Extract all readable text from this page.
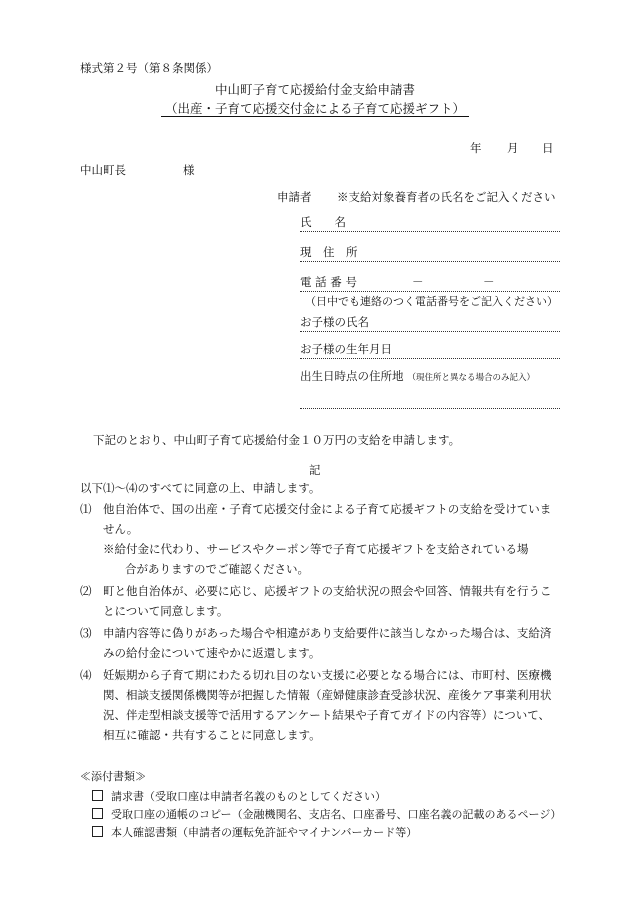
様式第２号（第８条関係）
中山町子育て応援給付金支給申請書
（出産・子育て応援交付金による子育て応援ギフト）
年 月 日
中山町長	様
申請者 ※支給対象養育者の氏名をご記入ください
氏　　名
現　住　所
電 話 番 号	－	－
（日中でも連絡のつく電話番号をご記入ください）
お子様の氏名
お子様の生年月日
出生日時点の住所地 （現住所と異なる場合のみ記入）
下記のとおり、中山町子育て応援給付金１０万円の支給を申請します。
記
以下⑴～⑷のすべてに同意の上、申請します。
⑴ 他自治体で、国の出産・子育て応援交付金による子育て応援ギフトの支給を受けていません。
※給付金に代わり、サービスやクーポン等で子育て応援ギフトを支給されている場
合がありますのでご確認ください。
⑵ 町と他自治体が、必要に応じ、応援ギフトの支給状況の照会や回答、情報共有を行うことについて同意します。
⑶ 申請内容等に偽りがあった場合や相違があり支給要件に該当しなかった場合は、支給済みの給付金について速やかに返還します。
⑷ 妊娠期から子育て期にわたる切れ目のない支援に必要となる場合には、市町村、医療機関、相談支援関係機関等が把握した情報（産婦健康診査受診状況、産後ケア事業利用状況、伴走型相談支援等で活用するアンケート結果や子育てガイドの内容等）について、相互に確認・共有することに同意します。
≪添付書類≫
請求書（受取口座は申請者名義のものとしてください）
受取口座の通帳のコピー（金融機関名、支店名、口座番号、口座名義の記載のあるページ）
本人確認書類（申請者の運転免許証やマイナンバーカード等）
